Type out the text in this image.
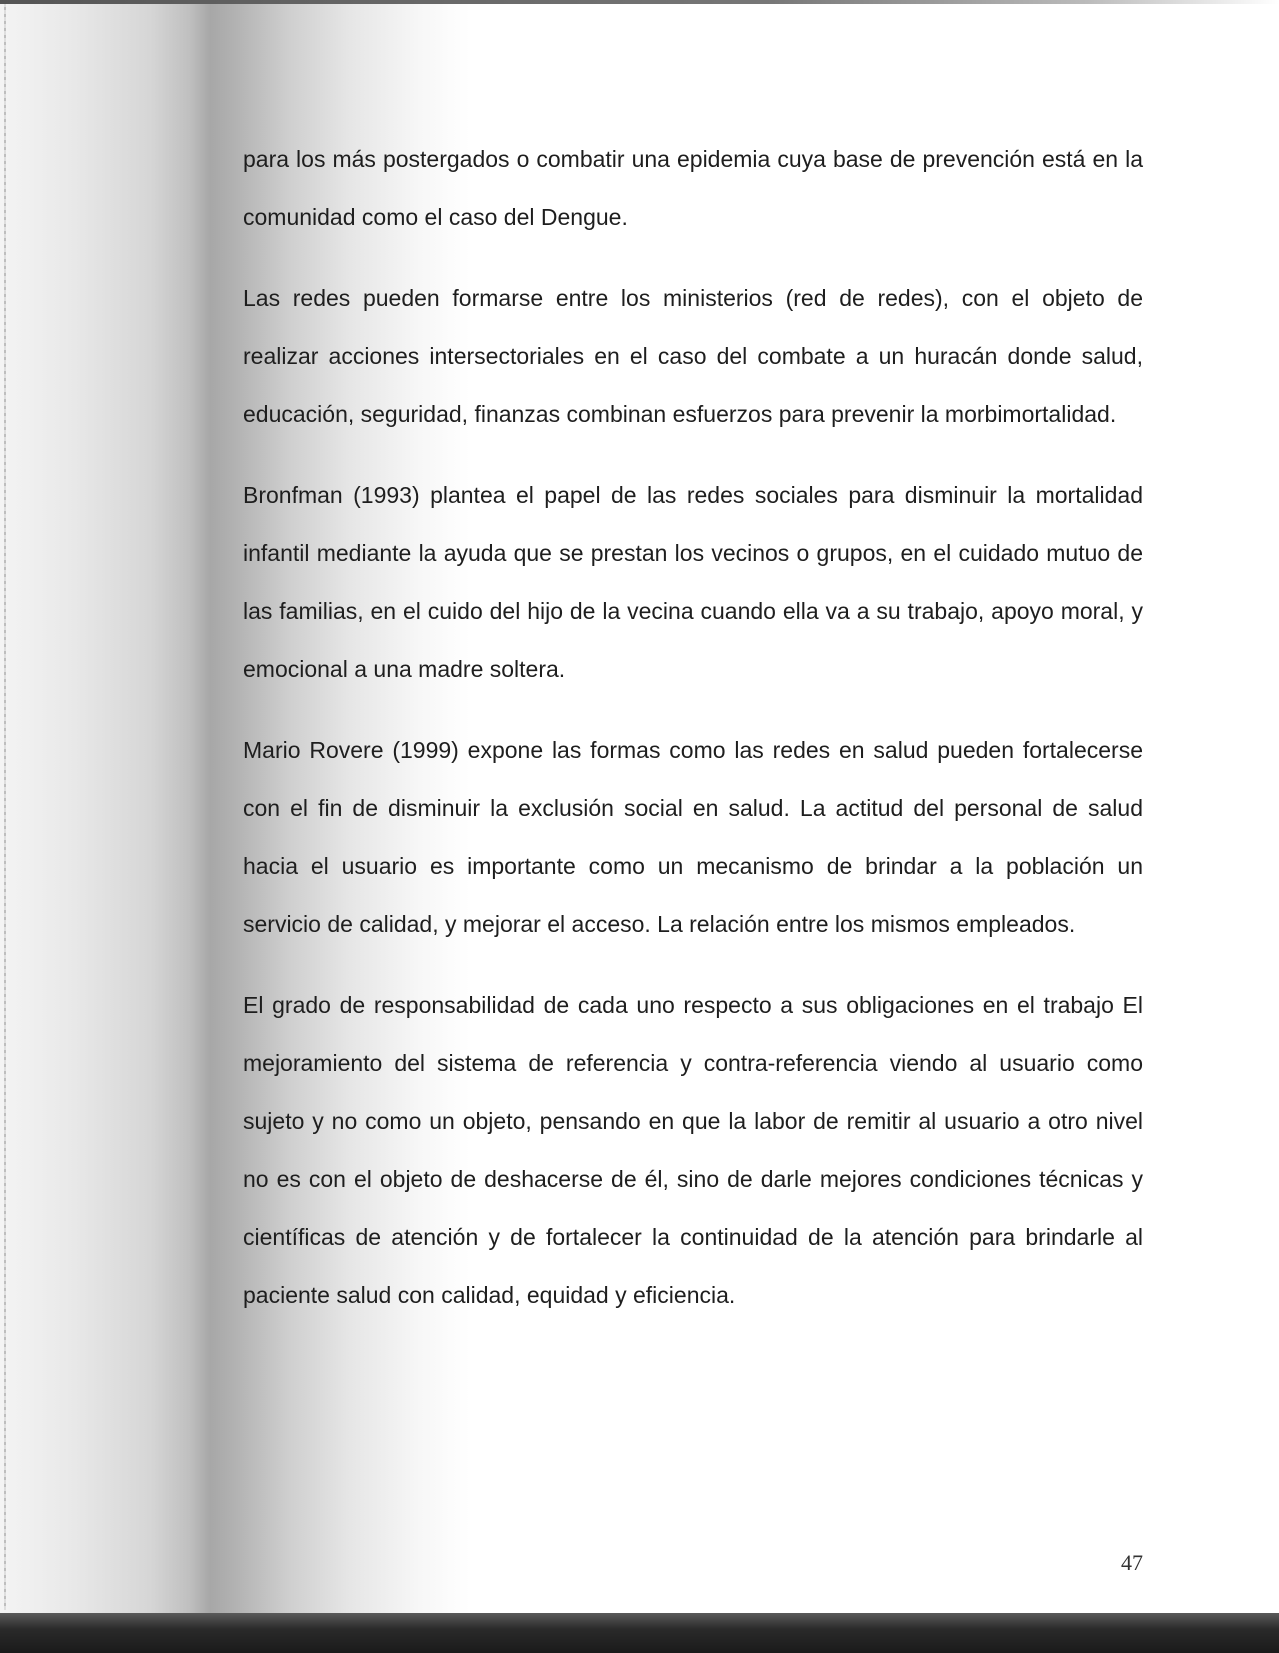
para los más postergados o combatir una epidemia cuya base de prevención está en la comunidad como el caso del Dengue.

Las redes pueden formarse entre los ministerios (red de redes), con el objeto de realizar acciones intersectoriales en el caso del combate a un huracán donde salud, educación, seguridad, finanzas combinan esfuerzos para prevenir la morbimortalidad.

Bronfman (1993) plantea el papel de las redes sociales para disminuir la mortalidad infantil mediante la ayuda que se prestan los vecinos o grupos, en el cuidado mutuo de las familias, en el cuido del hijo de la vecina cuando ella va a su trabajo, apoyo moral, y emocional a una madre soltera.

Mario Rovere (1999) expone las formas como las redes en salud pueden fortalecerse con el fin de disminuir la exclusión social en salud. La actitud del personal de salud hacia el usuario es importante como un mecanismo de brindar a la población un servicio de calidad, y mejorar el acceso. La relación entre los mismos empleados.

El grado de responsabilidad de cada uno respecto a sus obligaciones en el trabajo El mejoramiento del sistema de referencia y contra-referencia viendo al usuario como sujeto y no como un objeto, pensando en que la labor de remitir al usuario a otro nivel no es con el objeto de deshacerse de él, sino de darle mejores condiciones técnicas y científicas de atención y de fortalecer la continuidad de la atención para brindarle al paciente salud con calidad, equidad y eficiencia.

47
